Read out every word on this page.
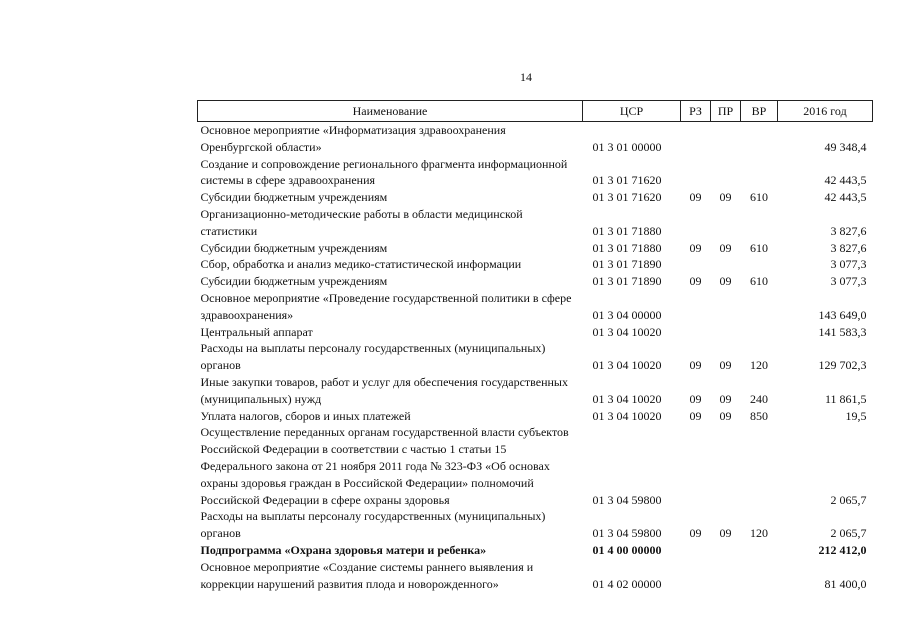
14
Наименование	ЦСР	РЗ	ПР	ВР	2016 год
Основное мероприятие «Информатизация здравоохранения Оренбургской области»	01 3 01 00000				49 348,4
Создание и сопровождение регионального фрагмента информационной системы в сфере здравоохранения	01 3 01 71620				42 443,5
Субсидии бюджетным учреждениям	01 3 01 71620	09	09	610	42 443,5
Организационно-методические работы в области медицинской статистики	01 3 01 71880				3 827,6
Субсидии бюджетным учреждениям	01 3 01 71880	09	09	610	3 827,6
Сбор, обработка и анализ медико-статистической информации	01 3 01 71890				3 077,3
Субсидии бюджетным учреждениям	01 3 01 71890	09	09	610	3 077,3
Основное мероприятие «Проведение государственной политики в сфере здравоохранения»	01 3 04 00000				143 649,0
Центральный аппарат	01 3 04 10020				141 583,3
Расходы на выплаты персоналу государственных (муниципальных) органов	01 3 04 10020	09	09	120	129 702,3
Иные закупки товаров, работ и услуг для обеспечения государственных (муниципальных) нужд	01 3 04 10020	09	09	240	11 861,5
Уплата налогов, сборов и иных платежей	01 3 04 10020	09	09	850	19,5
Осуществление переданных органам государственной власти субъектов Российской Федерации в соответствии с частью 1 статьи 15 Федерального закона от 21 ноября 2011 года № 323-ФЗ «Об основах охраны здоровья граждан в Российской Федерации» полномочий Российской Федерации в сфере охраны здоровья	01 3 04 59800				2 065,7
Расходы на выплаты персоналу государственных (муниципальных) органов	01 3 04 59800	09	09	120	2 065,7
Подпрограмма «Охрана здоровья матери и ребенка»	01 4 00 00000				212 412,0
Основное мероприятие «Создание системы раннего выявления и коррекции нарушений развития плода и новорожденного»	01 4 02 00000				81 400,0
